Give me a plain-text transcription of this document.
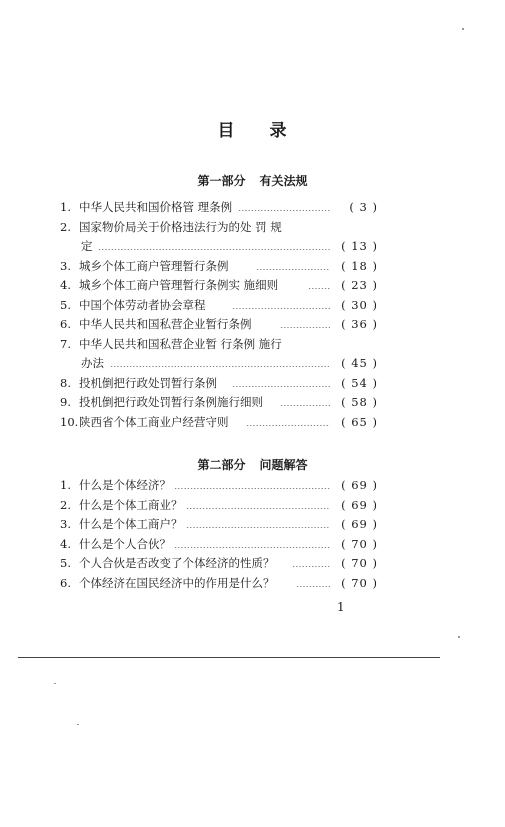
目 录
第一部分 有关法规
1. 中华人民共和国价格管 理条例	( 3 )
2. 国家物价局关于价格违法行为的处 罚 规
定	( 13 )
3. 城乡个体工商户管理暂行条例	( 18 )
4. 城乡个体工商户管理暂行条例实 施细则	( 23 )
5. 中国个体劳动者协会章程	( 30 )
6. 中华人民共和国私营企业暂行条例	( 36 )
7. 中华人民共和国私营企业暂 行条例 施行
办法	( 45 )
8. 投机倒把行政处罚暂行条例	( 54 )
9. 投机倒把行政处罚暂行条例施行细则	( 58 )
10. 陕西省个体工商业户经营守则	( 65 )
第二部分 问题解答
1. 什么是个体经济？	( 69 )
2. 什么是个体工商业？	( 69 )
3. 什么是个体工商户？	( 69 )
4. 什么是个人合伙？	( 70 )
5. 个人合伙是否改变了个体经济的性质？	( 70 )
6. 个体经济在国民经济中的作用是什么？	( 70 )
1
